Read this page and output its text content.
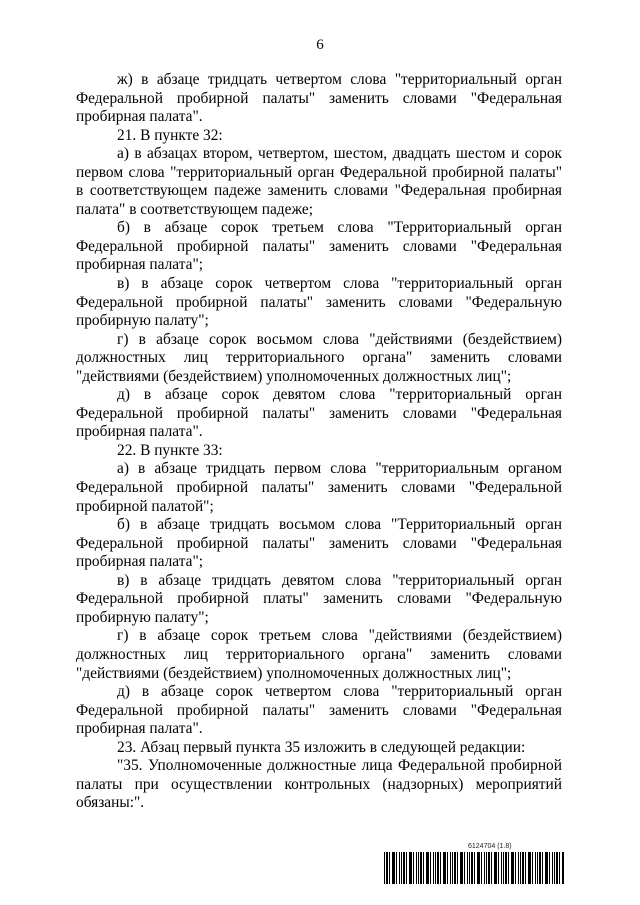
6

ж) в абзаце тридцать четвертом слова "территориальный орган Федеральной пробирной палаты" заменить словами "Федеральная пробирная палата".

21. В пункте 32:

а) в абзацах втором, четвертом, шестом, двадцать шестом и сорок первом слова "территориальный орган Федеральной пробирной палаты" в соответствующем падеже заменить словами "Федеральная пробирная палата" в соответствующем падеже;

б) в абзаце сорок третьем слова "Территориальный орган Федеральной пробирной палаты" заменить словами "Федеральная пробирная палата";

в) в абзаце сорок четвертом слова "территориальный орган Федеральной пробирной палаты" заменить словами "Федеральную пробирную палату";

г) в абзаце сорок восьмом слова "действиями (бездействием) должностных лиц территориального органа" заменить словами "действиями (бездействием) уполномоченных должностных лиц";

д) в абзаце сорок девятом слова "территориальный орган Федеральной пробирной палаты" заменить словами "Федеральная пробирная палата".

22. В пункте 33:

а) в абзаце тридцать первом слова "территориальным органом Федеральной пробирной палаты" заменить словами "Федеральной пробирной палатой";

б) в абзаце тридцать восьмом слова "Территориальный орган Федеральной пробирной палаты" заменить словами "Федеральная пробирная палата";

в) в абзаце тридцать девятом слова "территориальный орган Федеральной пробирной платы" заменить словами "Федеральную пробирную палату";

г) в абзаце сорок третьем слова "действиями (бездействием) должностных лиц территориального органа" заменить словами "действиями (бездействием) уполномоченных должностных лиц";

д) в абзаце сорок четвертом слова "территориальный орган Федеральной пробирной палаты" заменить словами "Федеральная пробирная палата".

23. Абзац первый пункта 35 изложить в следующей редакции:

"35. Уполномоченные должностные лица Федеральной пробирной палаты при осуществлении контрольных (надзорных) мероприятий обязаны:".

6124704 (1.8)
